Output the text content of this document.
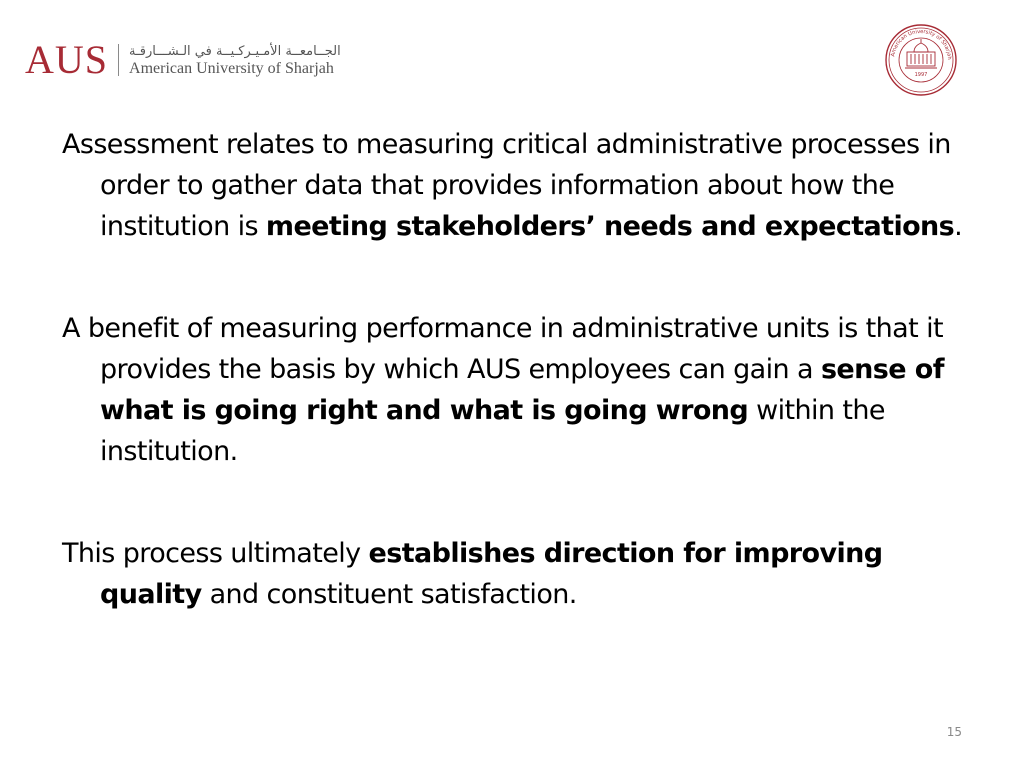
AUS الجــامعــة الأمـيـركـيــة في الـشـــارقـة
American University of Sharjah
American University of Sharjah
1997

Assessment relates to measuring critical administrative processes in order to gather data that provides information about how the institution is meeting stakeholders’ needs and expectations.

A benefit of measuring performance in administrative units is that it provides the basis by which AUS employees can gain a sense of what is going right and what is going wrong within the institution.

This process ultimately establishes direction for improving quality and constituent satisfaction.

15
